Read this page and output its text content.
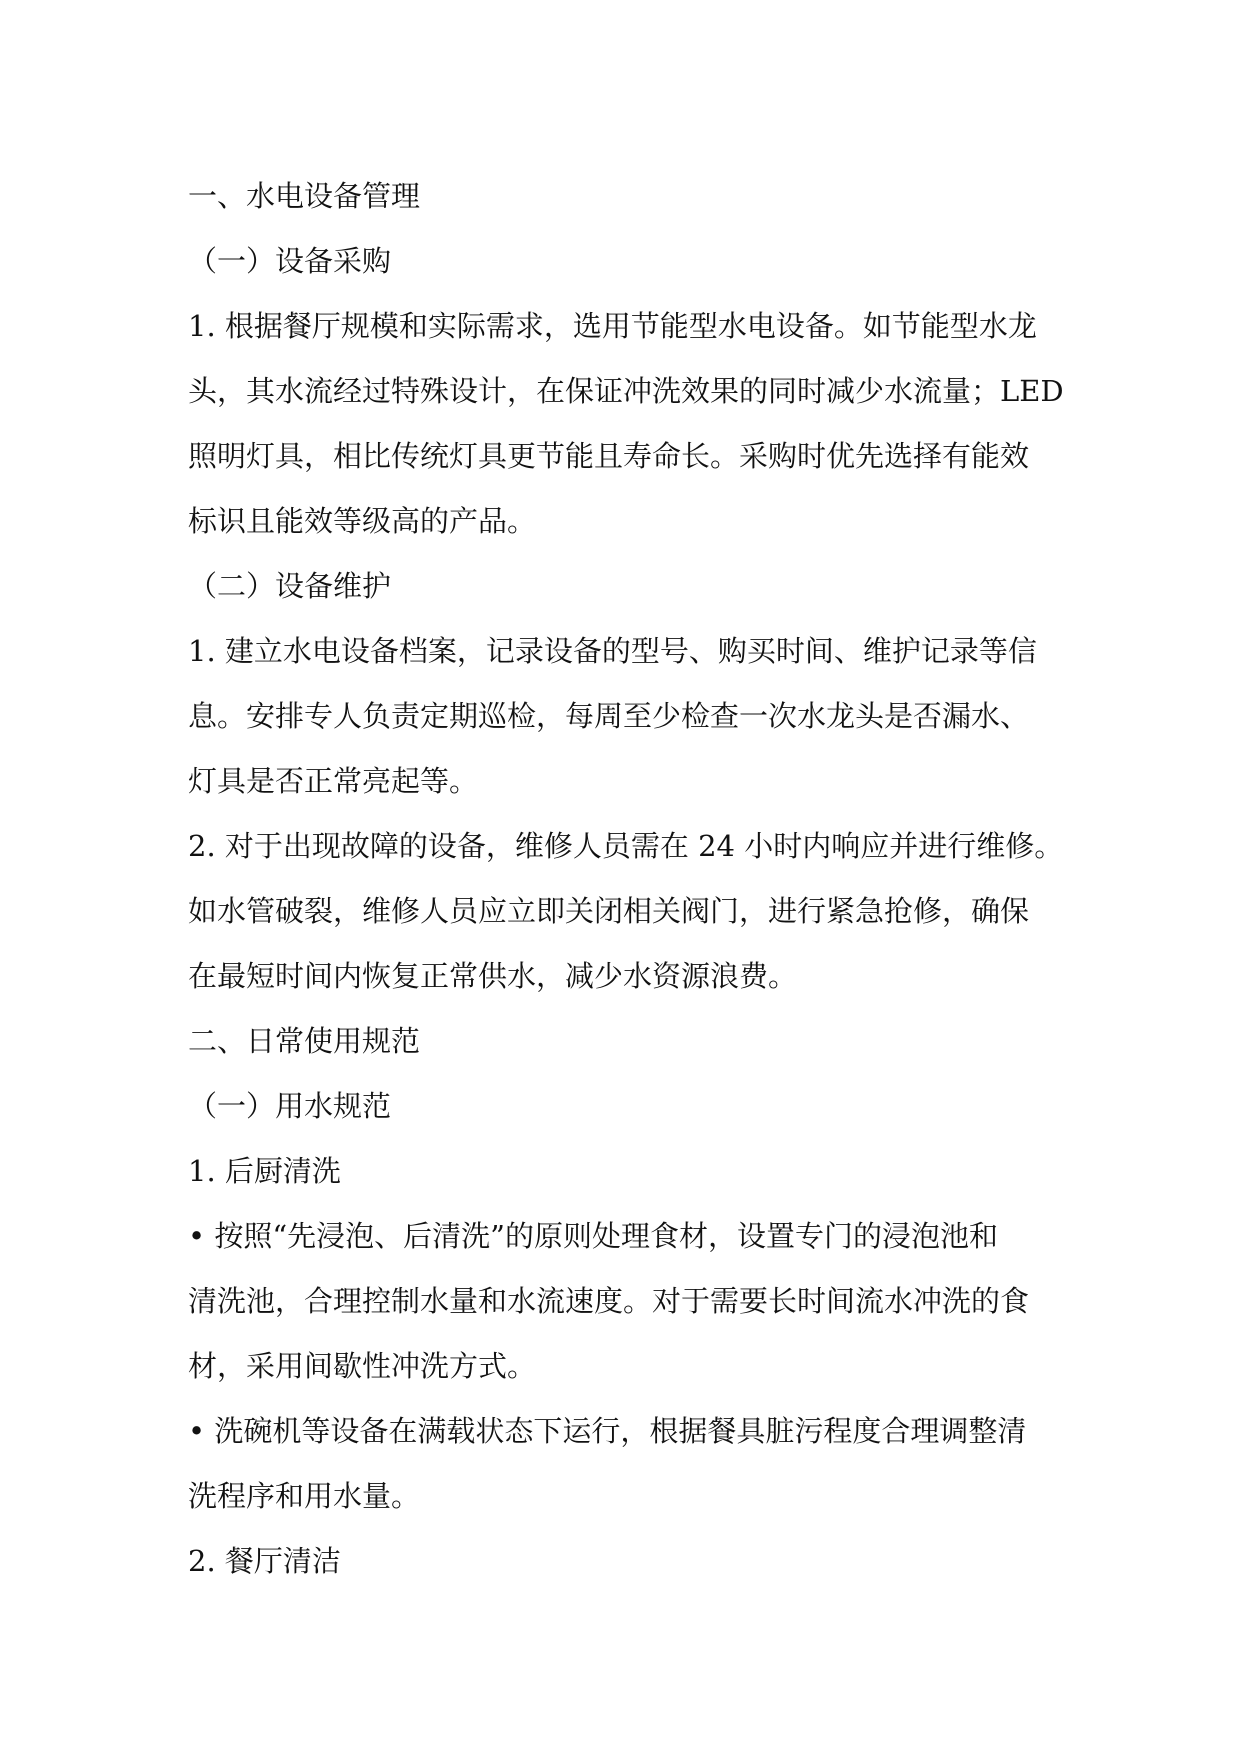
一、水电设备管理
（一）设备采购
1. 根据餐厅规模和实际需求，选用节能型水电设备。如节能型水龙
头，其水流经过特殊设计，在保证冲洗效果的同时减少水流量；LED
照明灯具，相比传统灯具更节能且寿命长。采购时优先选择有能效
标识且能效等级高的产品。
（二）设备维护
1. 建立水电设备档案，记录设备的型号、购买时间、维护记录等信
息。安排专人负责定期巡检，每周至少检查一次水龙头是否漏水、
灯具是否正常亮起等。
2. 对于出现故障的设备，维修人员需在 24 小时内响应并进行维修。
如水管破裂，维修人员应立即关闭相关阀门，进行紧急抢修，确保
在最短时间内恢复正常供水，减少水资源浪费。
二、日常使用规范
（一）用水规范
1. 后厨清洗
• 按照“先浸泡、后清洗”的原则处理食材，设置专门的浸泡池和
清洗池，合理控制水量和水流速度。对于需要长时间流水冲洗的食
材，采用间歇性冲洗方式。
• 洗碗机等设备在满载状态下运行，根据餐具脏污程度合理调整清
洗程序和用水量。
2. 餐厅清洁
